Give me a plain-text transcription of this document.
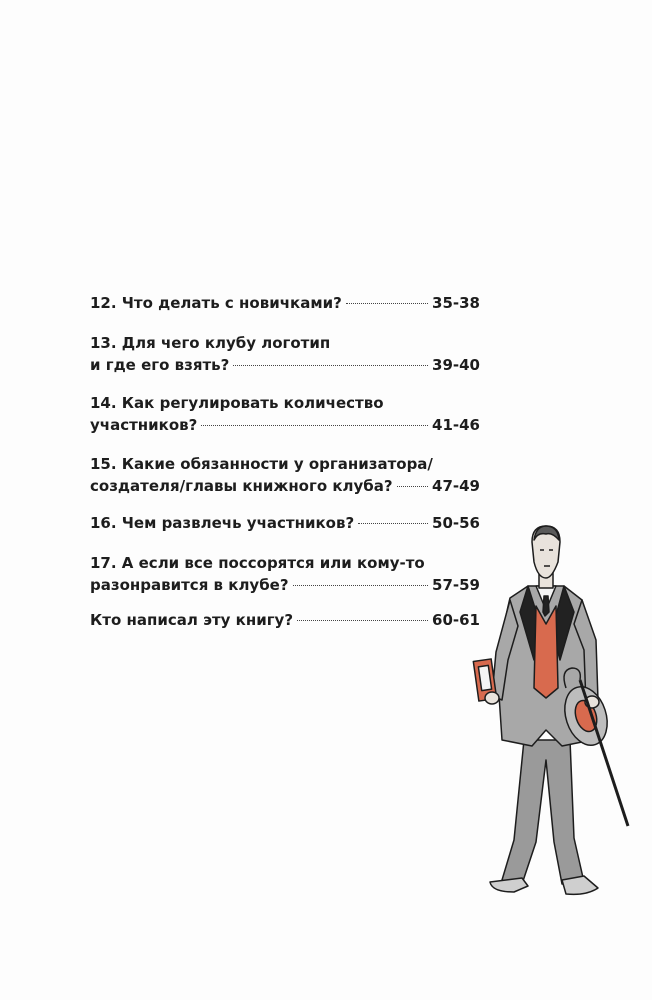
12. Что делать с новичками?	35-38
13. Для чего клубу логотип
и где его взять?	39-40
14. Как регулировать количество
участников?	41-46
15. Какие обязанности у организатора/
создателя/главы книжного клуба?	47-49
16. Чем развлечь участников?	50-56
17. А если все поссорятся или кому-то
разонравится в клубе?	57-59
Кто написал эту книгу?	60-61
